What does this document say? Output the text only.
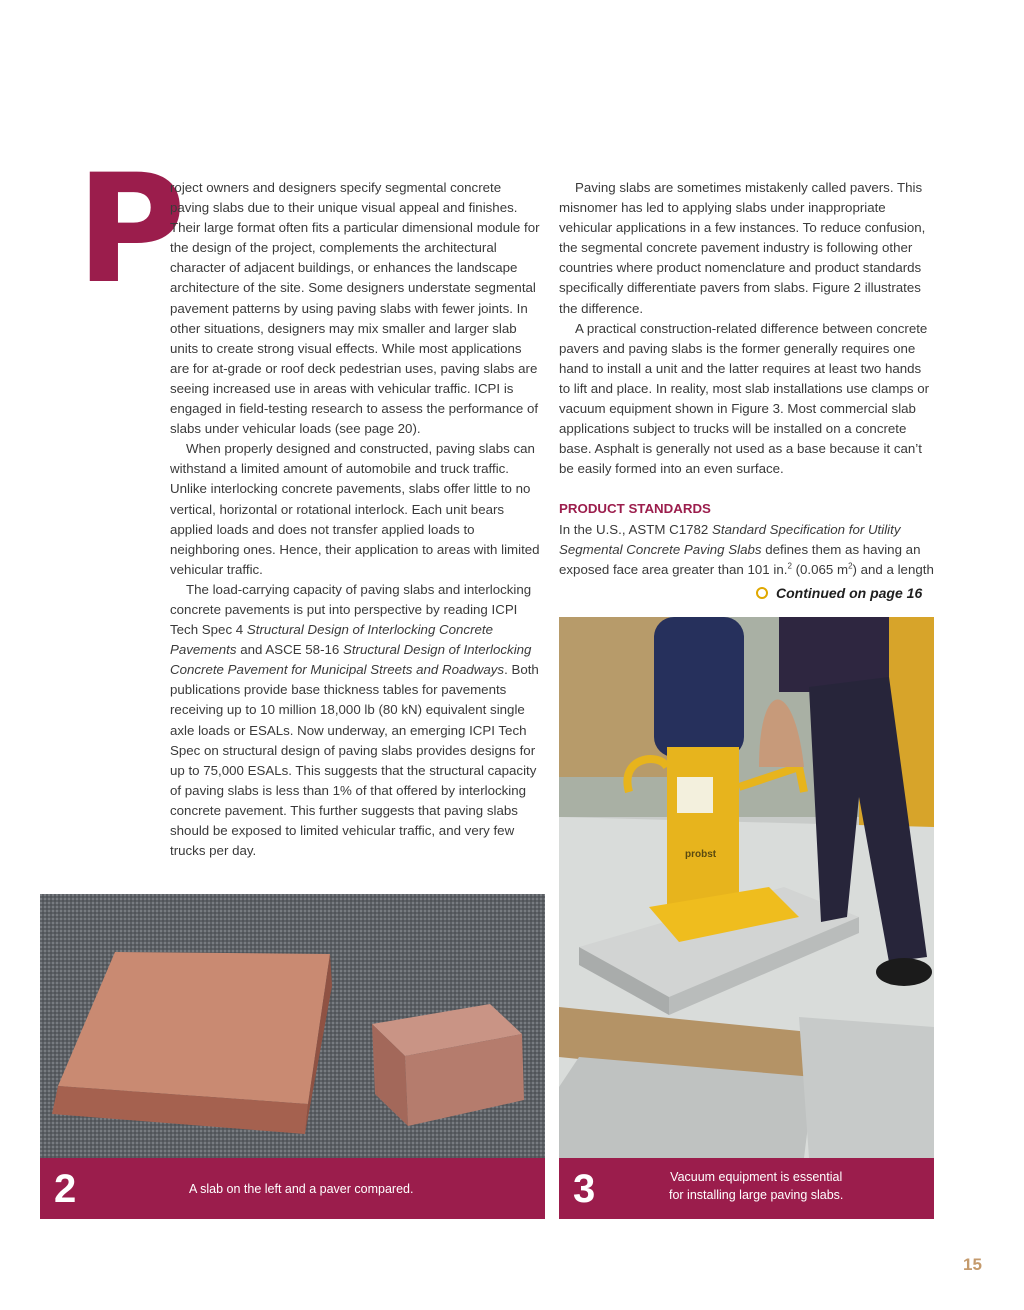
P

roject owners and designers specify segmental concrete paving slabs due to their unique visual appeal and finishes. Their large format often fits a particular dimensional module for the design of the project, complements the architectural character of adjacent buildings, or enhances the landscape architecture of the site. Some designers understate segmental pavement patterns by using paving slabs with fewer joints. In other situations, designers may mix smaller and larger slab units to create strong visual effects. While most applications are for at-grade or roof deck pedestrian uses, paving slabs are seeing increased use in areas with vehicular traffic. ICPI is engaged in field-testing research to assess the performance of slabs under vehicular loads (see page 20).

When properly designed and constructed, paving slabs can withstand a limited amount of automobile and truck traffic. Unlike interlocking concrete pavements, slabs offer little to no vertical, horizontal or rotational interlock. Each unit bears applied loads and does not transfer applied loads to neighboring ones. Hence, their application to areas with limited vehicular traffic.

The load-carrying capacity of paving slabs and interlocking concrete pavements is put into perspective by reading ICPI Tech Spec 4 Structural Design of Interlocking Concrete Pavements and ASCE 58-16 Structural Design of Interlocking Concrete Pavement for Municipal Streets and Roadways. Both publications provide base thickness tables for pavements receiving up to 10 million 18,000 lb (80 kN) equivalent single axle loads or ESALs. Now underway, an emerging ICPI Tech Spec on structural design of paving slabs provides designs for up to 75,000 ESALs. This suggests that the structural capacity of paving slabs is less than 1% of that offered by interlocking concrete pavement. This further suggests that paving slabs should be exposed to limited vehicular traffic, and very few trucks per day.

Paving slabs are sometimes mistakenly called pavers. This misnomer has led to applying slabs under inappropriate vehicular applications in a few instances. To reduce confusion, the segmental concrete pavement industry is following other countries where product nomenclature and product standards specifically differentiate pavers from slabs. Figure 2 illustrates the difference.

A practical construction-related difference between concrete pavers and paving slabs is the former generally requires one hand to install a unit and the latter requires at least two hands to lift and place. In reality, most slab installations use clamps or vacuum equipment shown in Figure 3. Most commercial slab applications subject to trucks will be installed on a concrete base. Asphalt is generally not used as a base because it can’t be easily formed into an even surface.

PRODUCT STANDARDS

In the U.S., ASTM C1782 Standard Specification for Utility Segmental Concrete Paving Slabs defines them as having an exposed face area greater than 101 in.$^2$ (0.065 $m^2$) and a length

Continued on page 16
probst
2	A slab on the left and a paver compared.	3	Vacuum equipment is essential
for installing large paving slabs.
15
